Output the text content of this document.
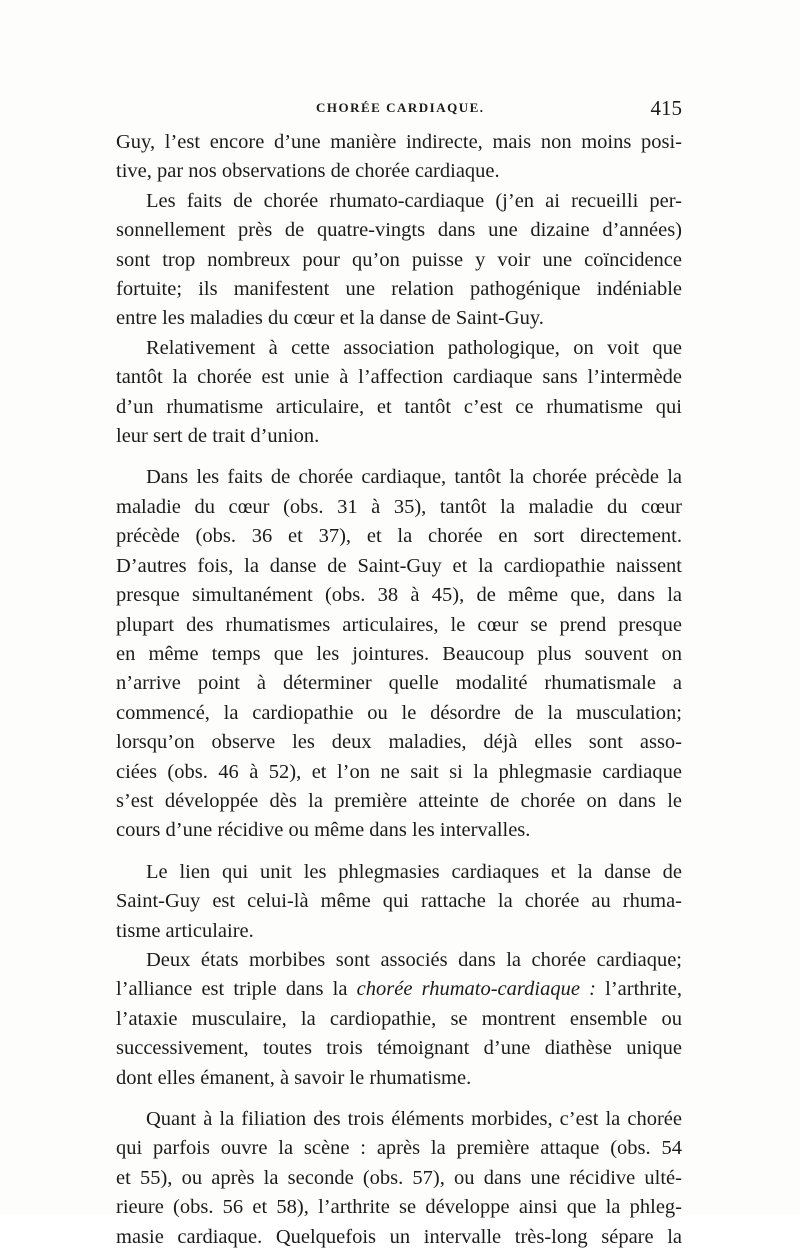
CHORÉE CARDIAQUE.	415

Guy, l’est encore d’une manière indirecte, mais non moins posi-
tive, par nos observations de chorée cardiaque.

Les faits de chorée rhumato-cardiaque (j’en ai recueilli per-
sonnellement près de quatre-vingts dans une dizaine d’années)
sont trop nombreux pour qu’on puisse y voir une coïncidence
fortuite; ils manifestent une relation pathogénique indéniable
entre les maladies du cœur et la danse de Saint-Guy.

Relativement à cette association pathologique, on voit que
tantôt la chorée est unie à l’affection cardiaque sans l’intermède
d’un rhumatisme articulaire, et tantôt c’est ce rhumatisme qui
leur sert de trait d’union.

Dans les faits de chorée cardiaque, tantôt la chorée précède la
maladie du cœur (obs. 31 à 35), tantôt la maladie du cœur
précède (obs. 36 et 37), et la chorée en sort directement.
D’autres fois, la danse de Saint-Guy et la cardiopathie naissent
presque simultanément (obs. 38 à 45), de même que, dans la
plupart des rhumatismes articulaires, le cœur se prend presque
en même temps que les jointures. Beaucoup plus souvent on
n’arrive point à déterminer quelle modalité rhumatismale a
commencé, la cardiopathie ou le désordre de la musculation;
lorsqu’on observe les deux maladies, déjà elles sont asso-
ciées (obs. 46 à 52), et l’on ne sait si la phlegmasie cardiaque
s’est développée dès la première atteinte de chorée on dans le
cours d’une récidive ou même dans les intervalles.

Le lien qui unit les phlegmasies cardiaques et la danse de
Saint-Guy est celui-là même qui rattache la chorée au rhuma-
tisme articulaire.

Deux états morbibes sont associés dans la chorée cardiaque;
l’alliance est triple dans la chorée rhumato-cardiaque : l’arthrite,
l’ataxie musculaire, la cardiopathie, se montrent ensemble ou
successivement, toutes trois témoignant d’une diathèse unique
dont elles émanent, à savoir le rhumatisme.

Quant à la filiation des trois éléments morbides, c’est la chorée
qui parfois ouvre la scène : après la première attaque (obs. 54
et 55), ou après la seconde (obs. 57), ou dans une récidive ulté-
rieure (obs. 56 et 58), l’arthrite se développe ainsi que la phleg-
masie cardiaque. Quelquefois un intervalle très-long sépare la
